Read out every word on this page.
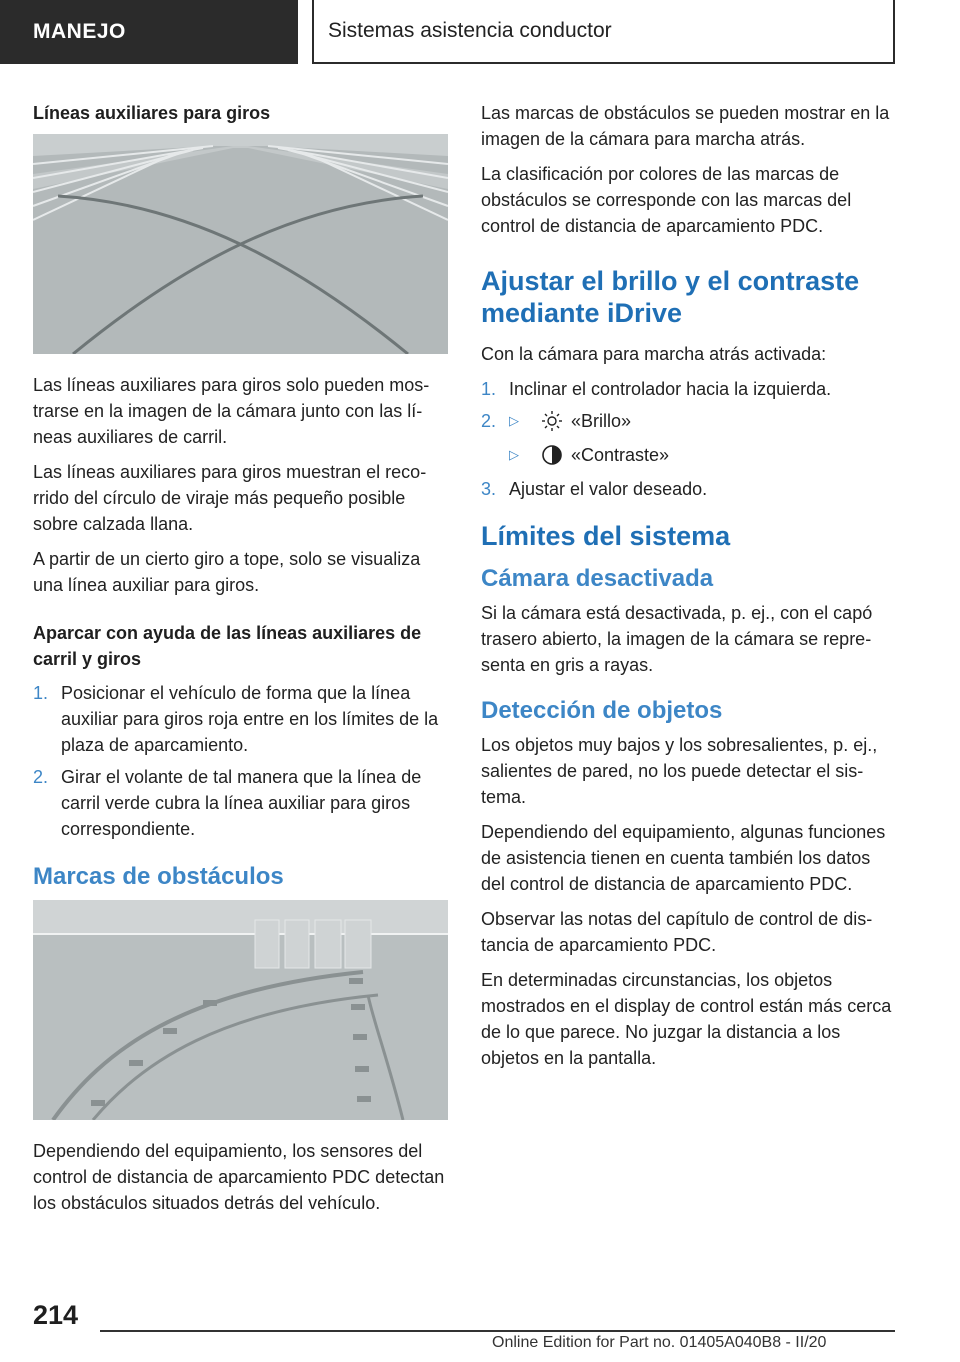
MANEJO	Sistemas asistencia conductor
Líneas auxiliares para giros

Las líneas auxiliares para giros solo pueden mostrarse en la imagen de la cámara junto con las líneas auxiliares de carril.

Las líneas auxiliares para giros muestran el recorrido del círculo de viraje más pequeño posible sobre calzada llana.

A partir de un cierto giro a tope, solo se visualiza una línea auxiliar para giros.

Aparcar con ayuda de las líneas auxiliares de carril y giros
1. Posicionar el vehículo de forma que la línea auxiliar para giros roja entre en los límites de la plaza de aparcamiento.
2. Girar el volante de tal manera que la línea de carril verde cubra la línea auxiliar para giros correspondiente.
Marcas de obstáculos

Dependiendo del equipamiento, los sensores del control de distancia de aparcamiento PDC detectan los obstáculos situados detrás del vehículo.

Las marcas de obstáculos se pueden mostrar en la imagen de la cámara para marcha atrás.

La clasificación por colores de las marcas de obstáculos se corresponde con las marcas del control de distancia de aparcamiento PDC.

Ajustar el brillo y el contraste mediante iDrive

Con la cámara para marcha atrás activada:

1. Inclinar el controlador hacia la izquierda.
2. ▷	«Brillo»
▷	«Contraste»
3. Ajustar el valor deseado.
Límites del sistema
Cámara desactivada

Si la cámara está desactivada, p. ej., con el capó trasero abierto, la imagen de la cámara se representa en gris a rayas.

Detección de objetos

Los objetos muy bajos y los sobresalientes, p. ej., salientes de pared, no los puede detectar el sistema.

Dependiendo del equipamiento, algunas funciones de asistencia tienen en cuenta también los datos del control de distancia de aparcamiento PDC.

Observar las notas del capítulo de control de distancia de aparcamiento PDC.

En determinadas circunstancias, los objetos mostrados en el display de control están más cerca de lo que parece. No juzgar la distancia a los objetos en la pantalla.

214
Online Edition for Part no. 01405A040B8 - II/20
